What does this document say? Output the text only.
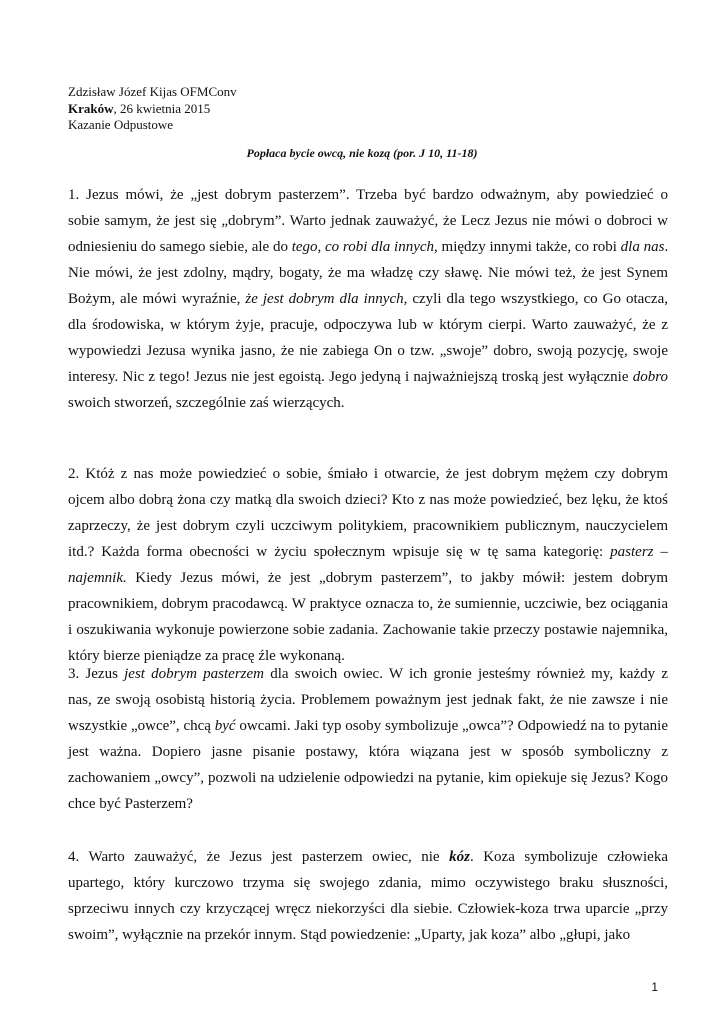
Zdzisław Józef Kijas OFMConv
Kraków, 26 kwietnia 2015
Kazanie Odpustowe
Popłaca bycie owcą, nie kozą (por. J 10, 11-18)
1. Jezus mówi, że „jest dobrym pasterzem”. Trzeba być bardzo odważnym, aby powiedzieć o
sobie samym, że jest się „dobrym”. Warto jednak zauważyć, że Lecz Jezus nie mówi o dobroci w
odniesieniu do samego siebie, ale do tego, co robi dla innych, między innymi także, co robi dla nas.
Nie mówi, że jest zdolny, mądry, bogaty, że ma władzę czy sławę. Nie mówi też, że jest Synem
Bożym, ale mówi wyraźnie, że jest dobrym dla innych, czyli dla tego wszystkiego, co Go otacza,
dla środowiska, w którym żyje, pracuje, odpoczywa lub w którym cierpi. Warto zauważyć, że z
wypowiedzi Jezusa wynika jasno, że nie zabiega On o tzw. „swoje” dobro, swoją pozycję, swoje
interesy. Nic z tego! Jezus nie jest egoistą. Jego jedyną i najważniejszą troską jest wyłącznie dobro
swoich stworzeń, szczególnie zaś wierzących.
2. Któż z nas może powiedzieć o sobie, śmiało i otwarcie, że jest dobrym mężem czy dobrym
ojcem albo dobrą żona czy matką dla swoich dzieci? Kto z nas może powiedzieć, bez lęku, że ktoś
zaprzeczy, że jest dobrym czyli uczciwym politykiem, pracownikiem publicznym, nauczycielem
itd.? Każda forma obecności w życiu społecznym wpisuje się w tę sama kategorię: pasterz –
najemnik. Kiedy Jezus mówi, że jest „dobrym pasterzem”, to jakby mówił: jestem dobrym
pracownikiem, dobrym pracodawcą. W praktyce oznacza to, że sumiennie, uczciwie, bez ociągania
i oszukiwania wykonuje powierzone sobie zadania. Zachowanie takie przeczy postawie najemnika,
który bierze pieniądze za pracę źle wykonaną.
3. Jezus jest dobrym pasterzem dla swoich owiec. W ich gronie jesteśmy również my, każdy z
nas, ze swoją osobistą historią życia. Problemem poważnym jest jednak fakt, że nie zawsze i nie
wszystkie „owce”, chcą być owcami. Jaki typ osoby symbolizuje „owca”? Odpowiedź na to pytanie
jest ważna. Dopiero jasne pisanie postawy, która wiązana jest w sposób symboliczny z
zachowaniem „owcy”, pozwoli na udzielenie odpowiedzi na pytanie, kim opiekuje się Jezus? Kogo
chce być Pasterzem?
4. Warto zauważyć, że Jezus jest pasterzem owiec, nie kóz. Koza symbolizuje człowieka
upartego, który kurczowo trzyma się swojego zdania, mimo oczywistego braku słuszności,
sprzeciwu innych czy krzyczącej wręcz niekorzyści dla siebie. Człowiek-koza trwa uparcie „przy
swoim”, wyłącznie na przekór innym. Stąd powiedzenie: „Uparty, jak koza” albo „głupi, jako
1
